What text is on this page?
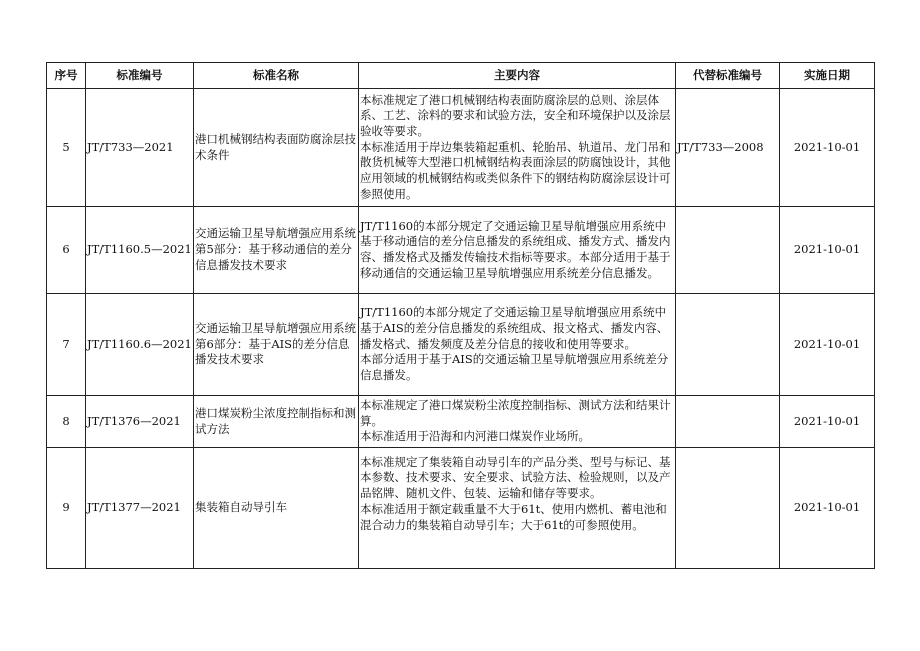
序号	标准编号	标准名称	主要内容	代替标准编号	实施日期
5	JT/T733—2021	港口机械钢结构表面防腐涂层技术条件	本标准规定了港口机械钢结构表面防腐涂层的总则、涂层体系、工艺、涂料的要求和试验方法，安全和环境保护以及涂层验收等要求。
本标准适用于岸边集装箱起重机、轮胎吊、轨道吊、龙门吊和散货机械等大型港口机械钢结构表面涂层的防腐蚀设计，其他应用领域的机械钢结构或类似条件下的钢结构防腐涂层设计可参照使用。	JT/T733—2008	2021-10-01
6	JT/T1160.5—2021	交通运输卫星导航增强应用系统第5部分：基于移动通信的差分信息播发技术要求	JT/T1160的本部分规定了交通运输卫星导航增强应用系统中基于移动通信的差分信息播发的系统组成、播发方式、播发内容、播发格式及播发传输技术指标等要求。本部分适用于基于移动通信的交通运输卫星导航增强应用系统差分信息播发。		2021-10-01
7	JT/T1160.6—2021	交通运输卫星导航增强应用系统第6部分：基于AIS的差分信息播发技术要求	JT/T1160的本部分规定了交通运输卫星导航增强应用系统中基于AIS的差分信息播发的系统组成、报文格式、播发内容、播发格式、播发频度及差分信息的接收和使用等要求。
本部分适用于基于AIS的交通运输卫星导航增强应用系统差分信息播发。		2021-10-01
8	JT/T1376—2021	港口煤炭粉尘浓度控制指标和测试方法	本标准规定了港口煤炭粉尘浓度控制指标、测试方法和结果计算。
本标准适用于沿海和内河港口煤炭作业场所。		2021-10-01
9	JT/T1377—2021	集装箱自动导引车	本标准规定了集装箱自动导引车的产品分类、型号与标记、基本参数、技术要求、安全要求、试验方法、检验规则，以及产品铭牌、随机文件、包装、运输和储存等要求。
本标准适用于额定载重量不大于61t、使用内燃机、蓄电池和混合动力的集装箱自动导引车；大于61t的可参照使用。		2021-10-01
